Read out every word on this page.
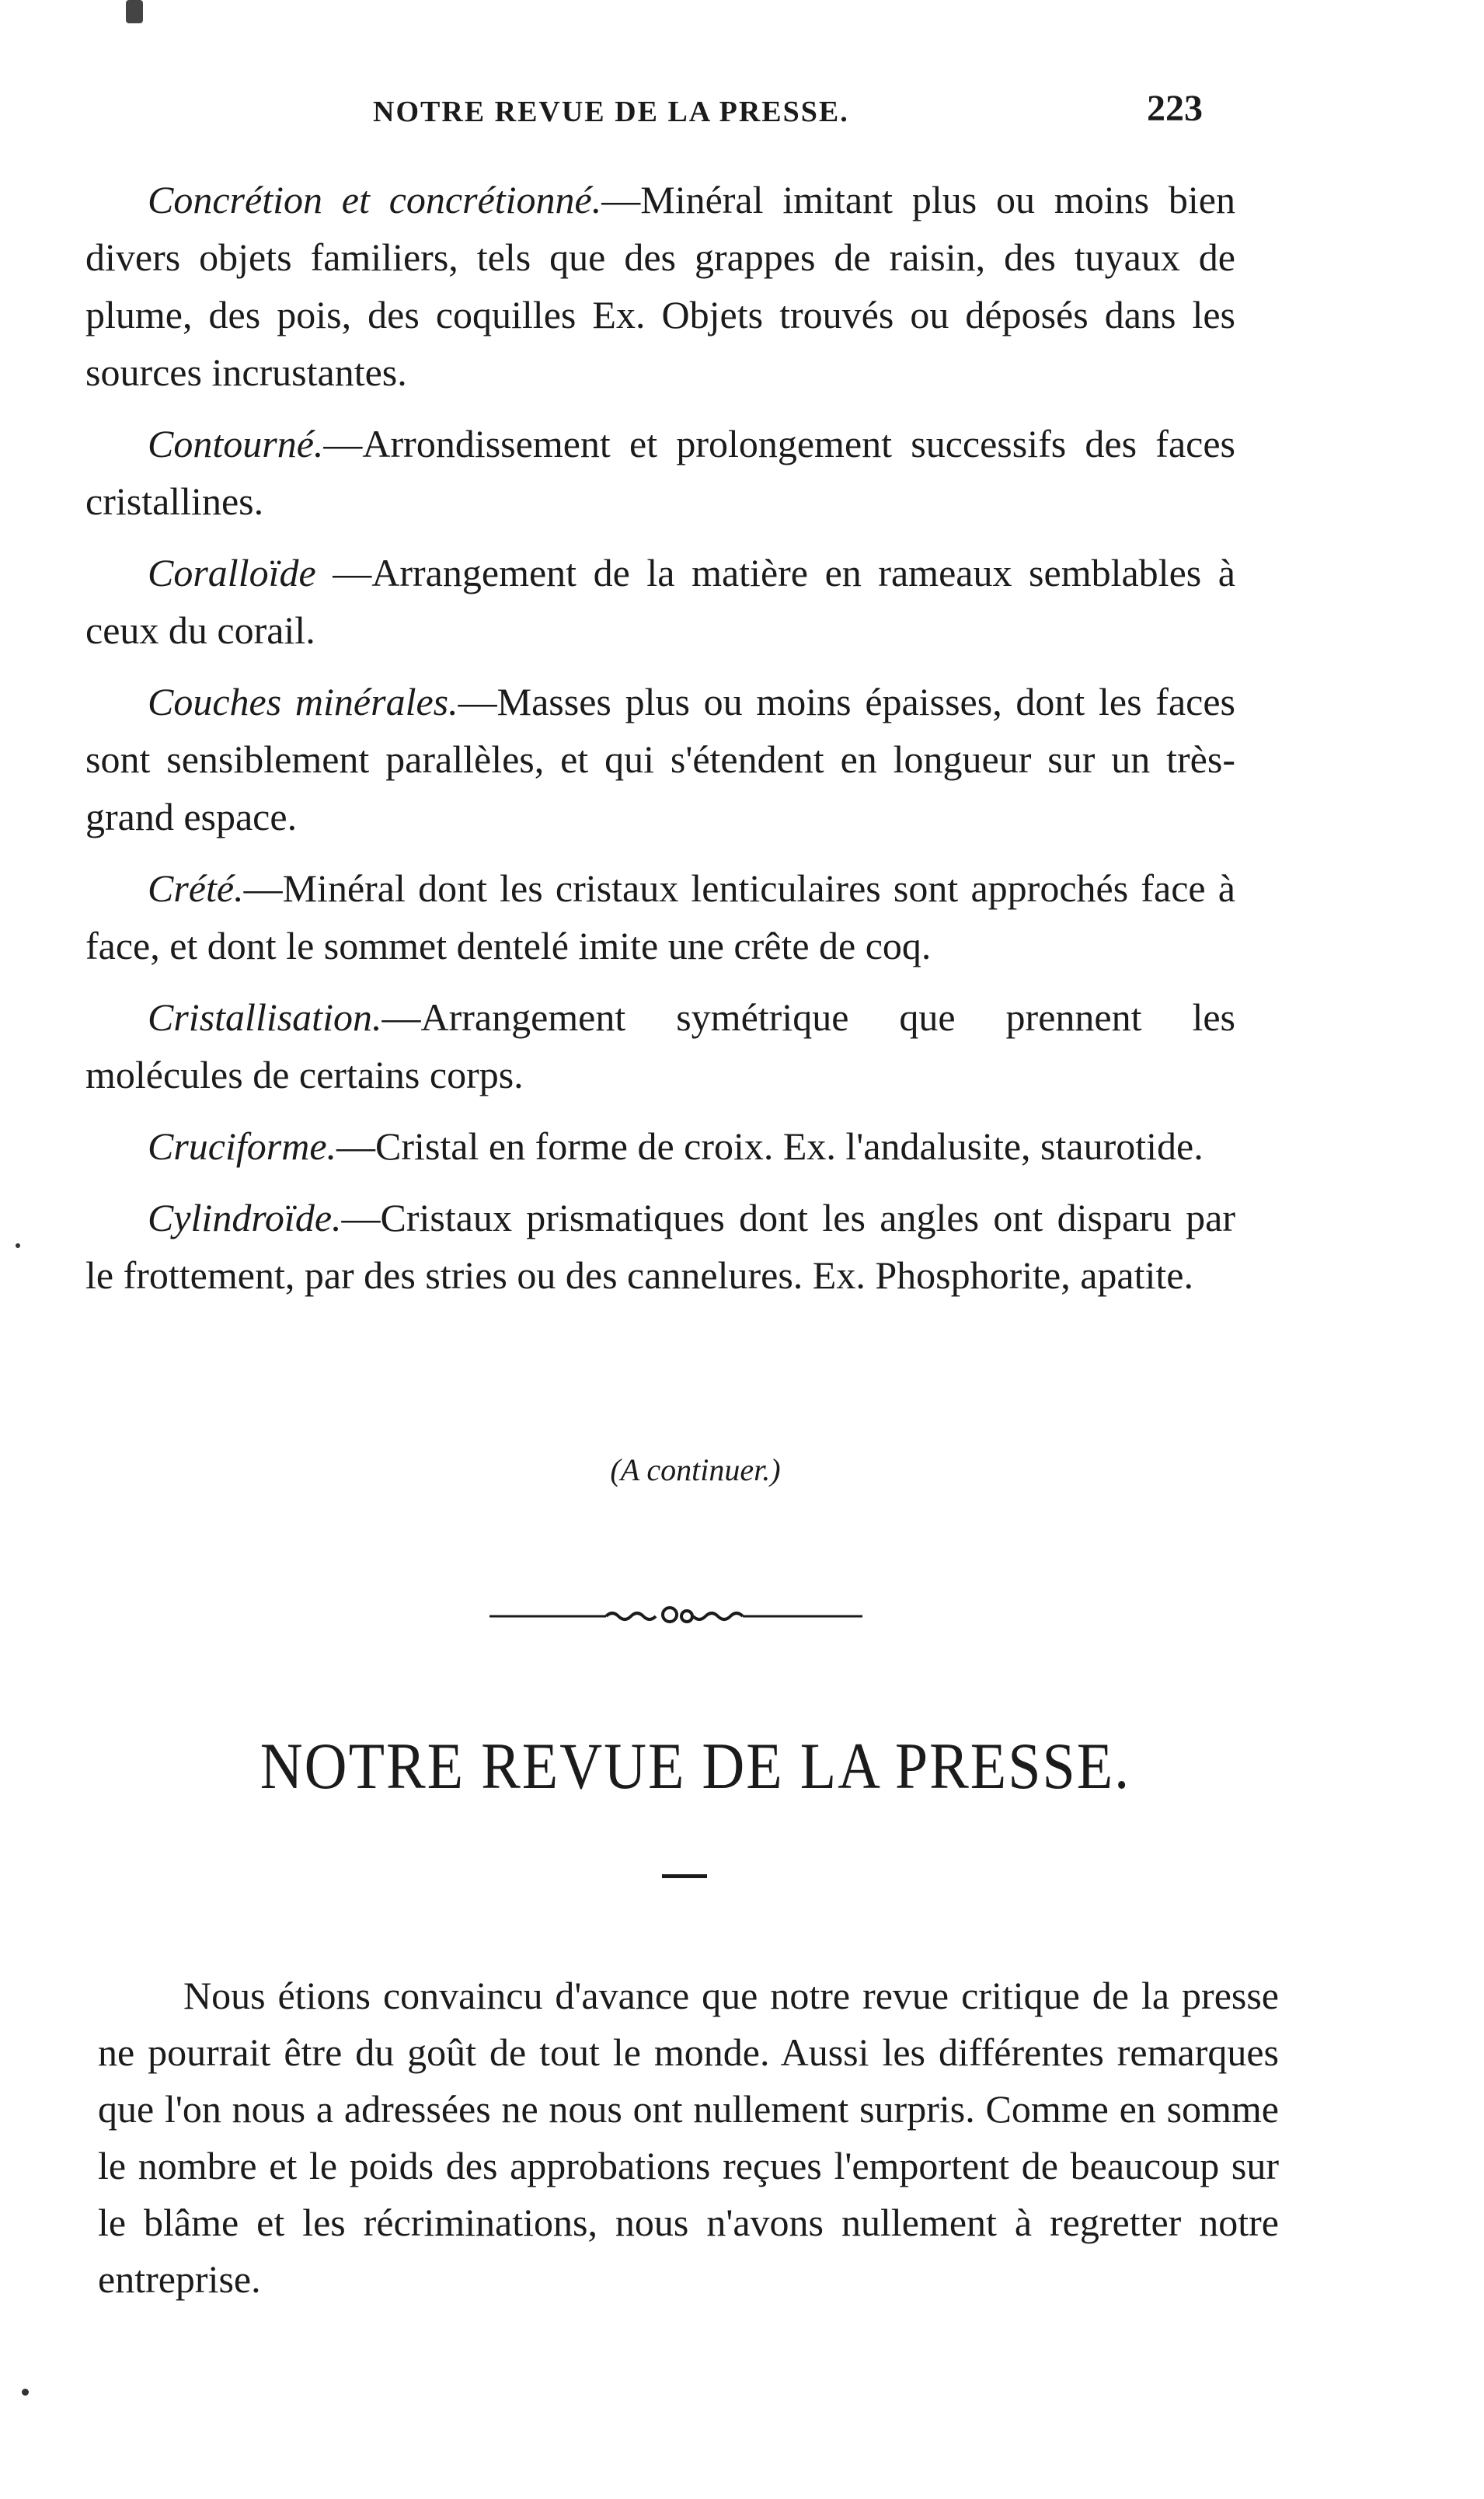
NOTRE REVUE DE LA PRESSE.	223

Concrétion et concrétionné.—Minéral imitant plus ou moins bien divers objets familiers, tels que des grappes de raisin, des tuyaux de plume, des pois, des coquilles Ex. Objets trouvés ou déposés dans les sources incrustantes.

Contourné.—Arrondissement et prolongement successifs des faces cristallines.

Coralloïde —Arrangement de la matière en rameaux semblables à ceux du corail.

Couches minérales.—Masses plus ou moins épaisses, dont les faces sont sensiblement parallèles, et qui s'étendent en longueur sur un très-grand espace.

Crété.—Minéral dont les cristaux lenticulaires sont approchés face à face, et dont le sommet dentelé imite une crête de coq.

Cristallisation.—Arrangement symétrique que prennent les molécules de certains corps.

Cruciforme.—Cristal en forme de croix. Ex. l'andalusite, staurotide.

Cylindroïde.—Cristaux prismatiques dont les angles ont disparu par le frottement, par des stries ou des cannelures. Ex. Phosphorite, apatite.

(A continuer.)
NOTRE REVUE DE LA PRESSE.

Nous étions convaincu d'avance que notre revue critique de la presse ne pourrait être du goût de tout le monde. Aussi les différentes remarques que l'on nous a adressées ne nous ont nullement surpris. Comme en somme le nombre et le poids des approbations reçues l'emportent de beaucoup sur le blâme et les récriminations, nous n'avons nullement à regretter notre entreprise.
